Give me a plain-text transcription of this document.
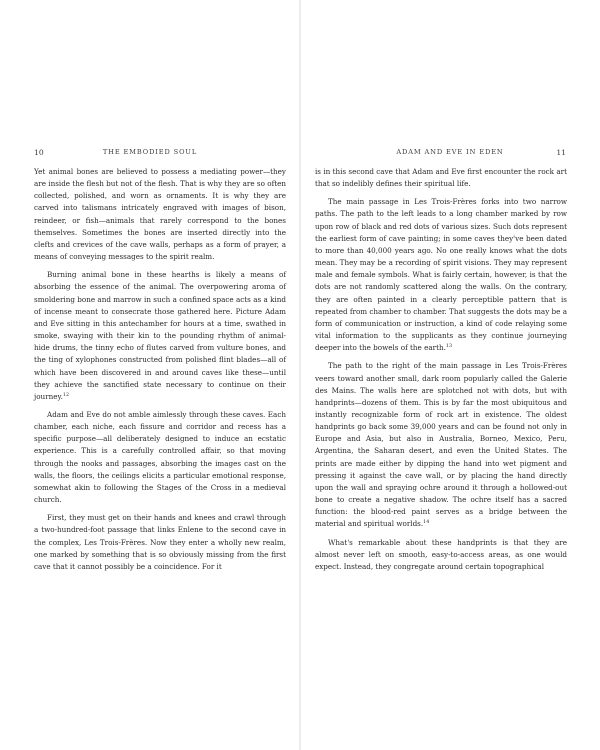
10	THE EMBODIED SOUL

Yet animal bones are believed to possess a mediating power—they are inside the flesh but not of the flesh. That is why they are so often collected, polished, and worn as ornaments. It is why they are carved into talismans intricately engraved with images of bison, reindeer, or fish—animals that rarely correspond to the bones themselves. Sometimes the bones are inserted directly into the clefts and crevices of the cave walls, perhaps as a form of prayer, a means of conveying messages to the spirit realm.

Burning animal bone in these hearths is likely a means of absorbing the essence of the animal. The overpowering aroma of smoldering bone and marrow in such a confined space acts as a kind of incense meant to consecrate those gathered here. Picture Adam and Eve sitting in this antechamber for hours at a time, swathed in smoke, swaying with their kin to the pounding rhythm of animal-hide drums, the tinny echo of flutes carved from vulture bones, and the ting of xylophones constructed from polished flint blades—all of which have been discovered in and around caves like these—until they achieve the sanctified state necessary to continue on their journey.$^{12}$

Adam and Eve do not amble aimlessly through these caves. Each chamber, each niche, each fissure and corridor and recess has a specific purpose—all deliberately designed to induce an ecstatic experience. This is a carefully controlled affair, so that moving through the nooks and passages, absorbing the images cast on the walls, the floors, the ceilings elicits a particular emotional response, somewhat akin to following the Stages of the Cross in a medieval church.

First, they must get on their hands and knees and crawl through a two-hundred-foot passage that links Enlene to the second cave in the complex, Les Trois-Frères. Now they enter a wholly new realm, one marked by something that is so obviously missing from the first cave that it cannot possibly be a coincidence. For it

ADAM AND EVE IN EDEN	11

is in this second cave that Adam and Eve first encounter the rock art that so indelibly defines their spiritual life.

The main passage in Les Trois-Frères forks into two narrow paths. The path to the left leads to a long chamber marked by row upon row of black and red dots of various sizes. Such dots represent the earliest form of cave painting; in some caves they've been dated to more than 40,000 years ago. No one really knows what the dots mean. They may be a recording of spirit visions. They may represent male and female symbols. What is fairly certain, however, is that the dots are not randomly scattered along the walls. On the contrary, they are often painted in a clearly perceptible pattern that is repeated from chamber to chamber. That suggests the dots may be a form of communication or instruction, a kind of code relaying some vital information to the supplicants as they continue journeying deeper into the bowels of the earth.$^{13}$

The path to the right of the main passage in Les Trois-Frères veers toward another small, dark room popularly called the Galerie des Mains. The walls here are splotched not with dots, but with handprints—dozens of them. This is by far the most ubiquitous and instantly recognizable form of rock art in existence. The oldest handprints go back some 39,000 years and can be found not only in Europe and Asia, but also in Australia, Borneo, Mexico, Peru, Argentina, the Saharan desert, and even the United States. The prints are made either by dipping the hand into wet pigment and pressing it against the cave wall, or by placing the hand directly upon the wall and spraying ochre around it through a hollowed-out bone to create a negative shadow. The ochre itself has a sacred function: the blood-red paint serves as a bridge between the material and spiritual worlds.$^{14}$

What's remarkable about these handprints is that they are almost never left on smooth, easy-to-access areas, as one would expect. Instead, they congregate around certain topographical
